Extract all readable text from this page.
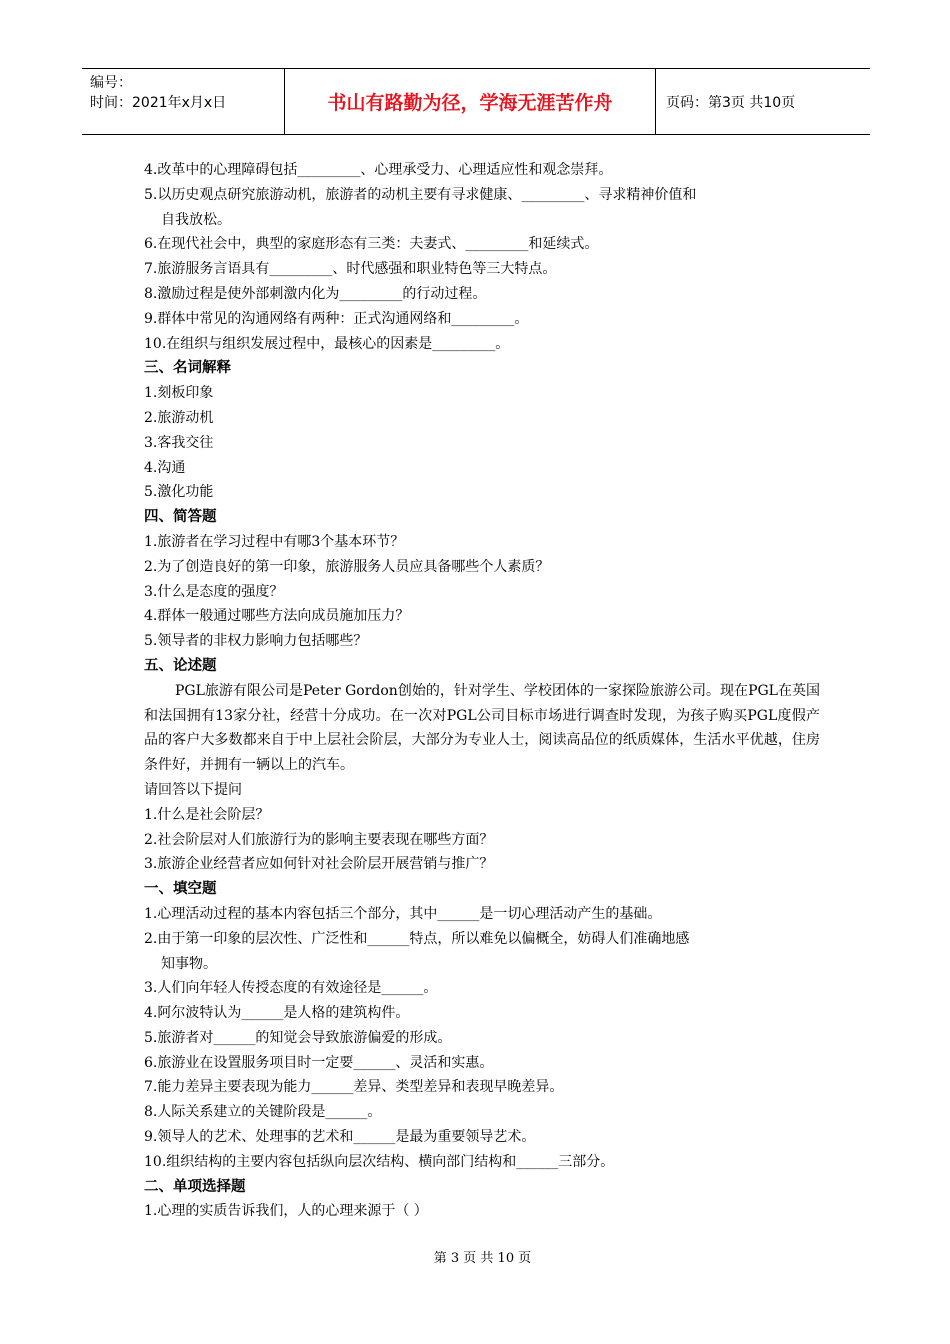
编号：
时间：2021年x月x日	书山有路勤为径，学海无涯苦作舟	页码：第3页 共10页
4.改革中的心理障碍包括_________、心理承受力、心理适应性和观念崇拜。
5.以历史观点研究旅游动机，旅游者的动机主要有寻求健康、_________、寻求精神价值和
自我放松。
6.在现代社会中，典型的家庭形态有三类：夫妻式、_________和延续式。
7.旅游服务言语具有_________、时代感强和职业特色等三大特点。
8.激励过程是使外部刺激内化为_________的行动过程。
9.群体中常见的沟通网络有两种：正式沟通网络和_________。
10.在组织与组织发展过程中，最核心的因素是_________。
三、名词解释
1.刻板印象
2.旅游动机
3.客我交往
4.沟通
5.激化功能
四、简答题
1.旅游者在学习过程中有哪3个基本环节？
2.为了创造良好的第一印象，旅游服务人员应具备哪些个人素质？
3.什么是态度的强度？
4.群体一般通过哪些方法向成员施加压力？
5.领导者的非权力影响力包括哪些？
五、论述题
PGL旅游有限公司是Peter Gordon创始的，针对学生、学校团体的一家探险旅游公司。现在PGL在英国和法国拥有13家分社，经营十分成功。在一次对PGL公司目标市场进行调查时发现，为孩子购买PGL度假产品的客户大多数都来自于中上层社会阶层，大部分为专业人士，阅读高品位的纸质媒体，生活水平优越，住房条件好，并拥有一辆以上的汽车。
请回答以下提问
1.什么是社会阶层？
2.社会阶层对人们旅游行为的影响主要表现在哪些方面？
3.旅游企业经营者应如何针对社会阶层开展营销与推广？
一、填空题
1.心理活动过程的基本内容包括三个部分，其中______是一切心理活动产生的基础。
2.由于第一印象的层次性、广泛性和______特点，所以难免以偏概全，妨碍人们准确地感
知事物。
3.人们向年轻人传授态度的有效途径是______。
4.阿尔波特认为______是人格的建筑构件。
5.旅游者对______的知觉会导致旅游偏爱的形成。
6.旅游业在设置服务项目时一定要______、灵活和实惠。
7.能力差异主要表现为能力______差异、类型差异和表现早晚差异。
8.人际关系建立的关键阶段是______。
9.领导人的艺术、处理事的艺术和______是最为重要领导艺术。
10.组织结构的主要内容包括纵向层次结构、横向部门结构和______三部分。
二、单项选择题
1.心理的实质告诉我们，人的心理来源于（ ）
第 3 页 共 10 页
